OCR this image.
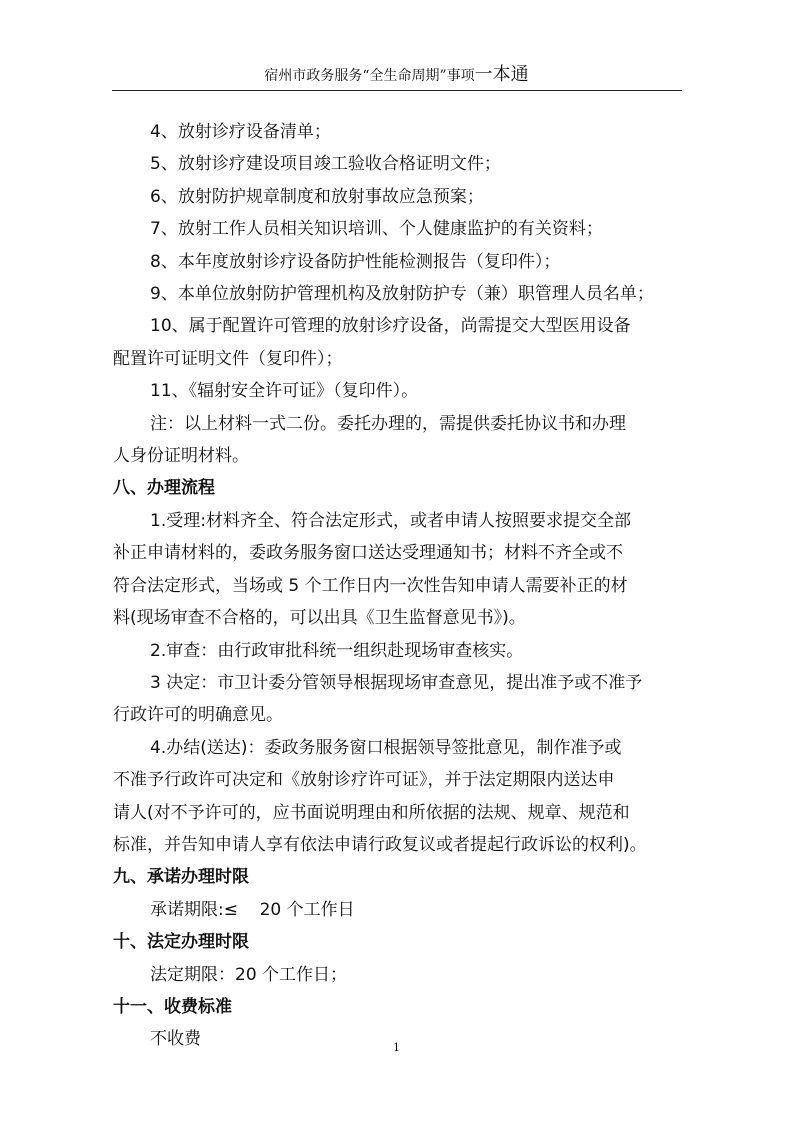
宿州市政务服务“全生命周期”事项一本通

4、放射诊疗设备清单；

5、放射诊疗建设项目竣工验收合格证明文件；

6、放射防护规章制度和放射事故应急预案；

7、放射工作人员相关知识培训、个人健康监护的有关资料；

8、本年度放射诊疗设备防护性能检测报告（复印件）；

9、本单位放射防护管理机构及放射防护专（兼）职管理人员名单；

10、属于配置许可管理的放射诊疗设备，尚需提交大型医用设备

配置许可证明文件（复印件）；

11、《辐射安全许可证》（复印件）。

注：以上材料一式二份。委托办理的，需提供委托协议书和办理

人身份证明材料。

八、办理流程

1.受理:材料齐全、符合法定形式，或者申请人按照要求提交全部

补正申请材料的，委政务服务窗口送达受理通知书；材料不齐全或不

符合法定形式，当场或 5 个工作日内一次性告知申请人需要补正的材

料(现场审查不合格的，可以出具《卫生监督意见书》)。

2.审查：由行政审批科统一组织赴现场审查核实。

3 决定：市卫计委分管领导根据现场审查意见，提出准予或不准予

行政许可的明确意见。

4.办结(送达)：委政务服务窗口根据领导签批意见，制作准予或

不准予行政许可决定和《放射诊疗许可证》，并于法定期限内送达申

请人(对不予许可的，应书面说明理由和所依据的法规、规章、规范和

标准，并告知申请人享有依法申请行政复议或者提起行政诉讼的权利)。

九、承诺办理时限

承诺期限:≤    20 个工作日

十、法定办理时限

法定期限：20 个工作日；

十一、收费标准

不收费	1
